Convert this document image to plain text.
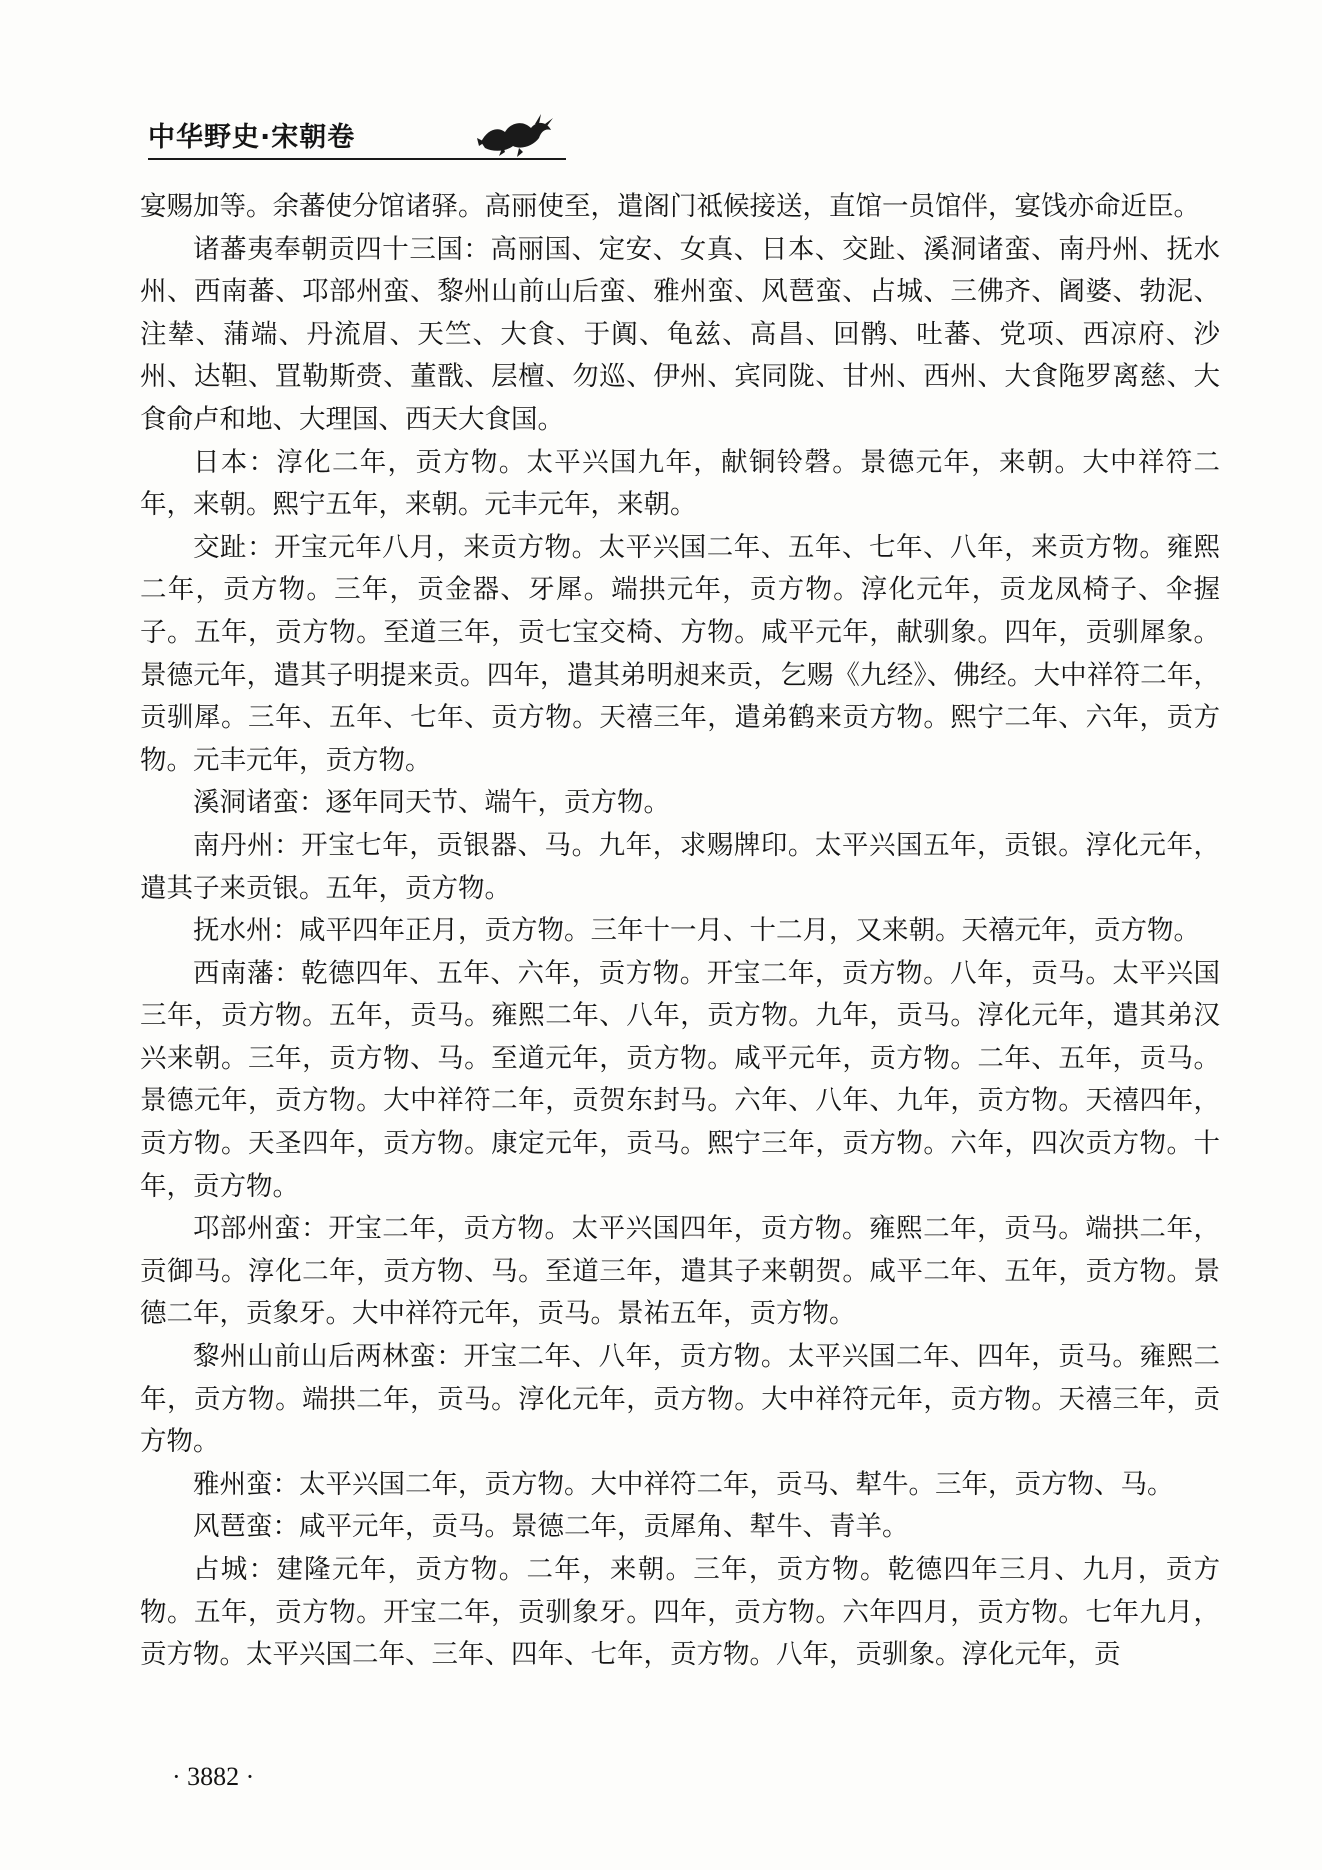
中华野史·宋朝卷

宴赐加等。余蕃使分馆诸驿。高丽使至，遣阁门祗候接送，直馆一员馆伴，宴饯亦命近臣。

诸蕃夷奉朝贡四十三国：高丽国、定安、女真、日本、交趾、溪洞诸蛮、南丹州、抚水州、西南蕃、邛部州蛮、黎州山前山后蛮、雅州蛮、风琶蛮、占城、三佛齐、阇婆、勃泥、注辇、蒲端、丹流眉、天竺、大食、于阗、龟兹、高昌、回鹘、吐蕃、党项、西凉府、沙州、达靼、罝勒斯赍、董戬、层檀、勿巡、伊州、宾同陇、甘州、西州、大食陁罗离慈、大食俞卢和地、大理国、西天大食国。

日本：淳化二年，贡方物。太平兴国九年，献铜铃磬。景德元年，来朝。大中祥符二年，来朝。熙宁五年，来朝。元丰元年，来朝。

交趾：开宝元年八月，来贡方物。太平兴国二年、五年、七年、八年，来贡方物。雍熙二年，贡方物。三年，贡金器、牙犀。端拱元年，贡方物。淳化元年，贡龙凤椅子、伞握子。五年，贡方物。至道三年，贡七宝交椅、方物。咸平元年，献驯象。四年，贡驯犀象。景德元年，遣其子明提来贡。四年，遣其弟明昶来贡，乞赐《九经》、佛经。大中祥符二年，贡驯犀。三年、五年、七年、贡方物。天禧三年，遣弟鹤来贡方物。熙宁二年、六年，贡方物。元丰元年，贡方物。

溪洞诸蛮：逐年同天节、端午，贡方物。

南丹州：开宝七年，贡银器、马。九年，求赐牌印。太平兴国五年，贡银。淳化元年，遣其子来贡银。五年，贡方物。

抚水州：咸平四年正月，贡方物。三年十一月、十二月，又来朝。天禧元年，贡方物。

西南藩：乾德四年、五年、六年，贡方物。开宝二年，贡方物。八年，贡马。太平兴国三年，贡方物。五年，贡马。雍熙二年、八年，贡方物。九年，贡马。淳化元年，遣其弟汉兴来朝。三年，贡方物、马。至道元年，贡方物。咸平元年，贡方物。二年、五年，贡马。景德元年，贡方物。大中祥符二年，贡贺东封马。六年、八年、九年，贡方物。天禧四年，贡方物。天圣四年，贡方物。康定元年，贡马。熙宁三年，贡方物。六年，四次贡方物。十年，贡方物。

邛部州蛮：开宝二年，贡方物。太平兴国四年，贡方物。雍熙二年，贡马。端拱二年，贡御马。淳化二年，贡方物、马。至道三年，遣其子来朝贺。咸平二年、五年，贡方物。景德二年，贡象牙。大中祥符元年，贡马。景祐五年，贡方物。

黎州山前山后两林蛮：开宝二年、八年，贡方物。太平兴国二年、四年，贡马。雍熙二年，贡方物。端拱二年，贡马。淳化元年，贡方物。大中祥符元年，贡方物。天禧三年，贡方物。

雅州蛮：太平兴国二年，贡方物。大中祥符二年，贡马、犎牛。三年，贡方物、马。

风琶蛮：咸平元年，贡马。景德二年，贡犀角、犎牛、青羊。

占城：建隆元年，贡方物。二年，来朝。三年，贡方物。乾德四年三月、九月，贡方物。五年，贡方物。开宝二年，贡驯象牙。四年，贡方物。六年四月，贡方物。七年九月，贡方物。太平兴国二年、三年、四年、七年，贡方物。八年，贡驯象。淳化元年，贡

· 3882 ·
